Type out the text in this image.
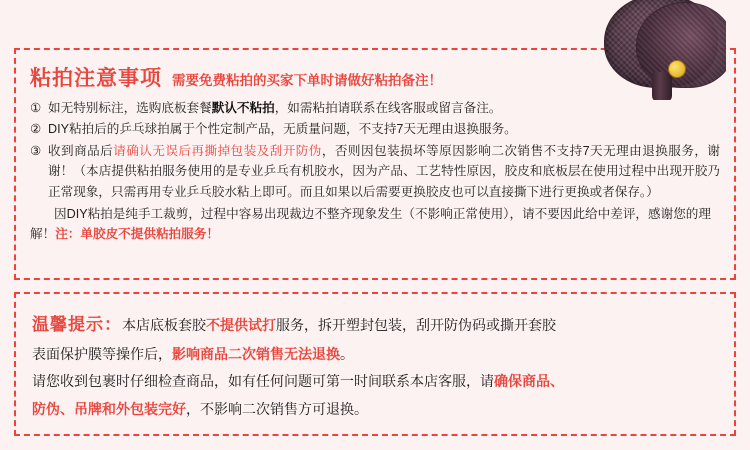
粘拍注意事项 需要免费粘拍的买家下单时请做好粘拍备注！
① 如无特别标注，选购底板套餐默认不粘拍，如需粘拍请联系在线客服或留言备注。
② DIY粘拍后的乒乓球拍属于个性定制产品，无质量问题，不支持7天无理由退换服务。
③ 收到商品后请确认无误后再撕掉包装及刮开防伪，否则因包装损坏等原因影响二次销售不支持7天无理由退换服务，谢谢！（本店提供粘拍服务使用的是专业乒乓有机胶水，因为产品、工艺特性原因，胶皮和底板层在使用过程中出现开胶乃正常现象，只需再用专业乒乓胶水粘上即可。而且如果以后需要更换胶皮也可以直接撕下进行更换或者保存。）
因DIY粘拍是纯手工裁剪，过程中容易出现裁边不整齐现象发生（不影响正常使用），请不要因此给中差评，感谢您的理解！注：单胶皮不提供粘拍服务！
温馨提示：本店底板套胶不提供试打服务，拆开塑封包装，刮开防伪码或撕开套胶
表面保护膜等操作后，影响商品二次销售无法退换。
请您收到包裹时仔细检查商品，如有任何问题可第一时间联系本店客服，请确保商品、
防伪、吊牌和外包装完好，不影响二次销售方可退换。
